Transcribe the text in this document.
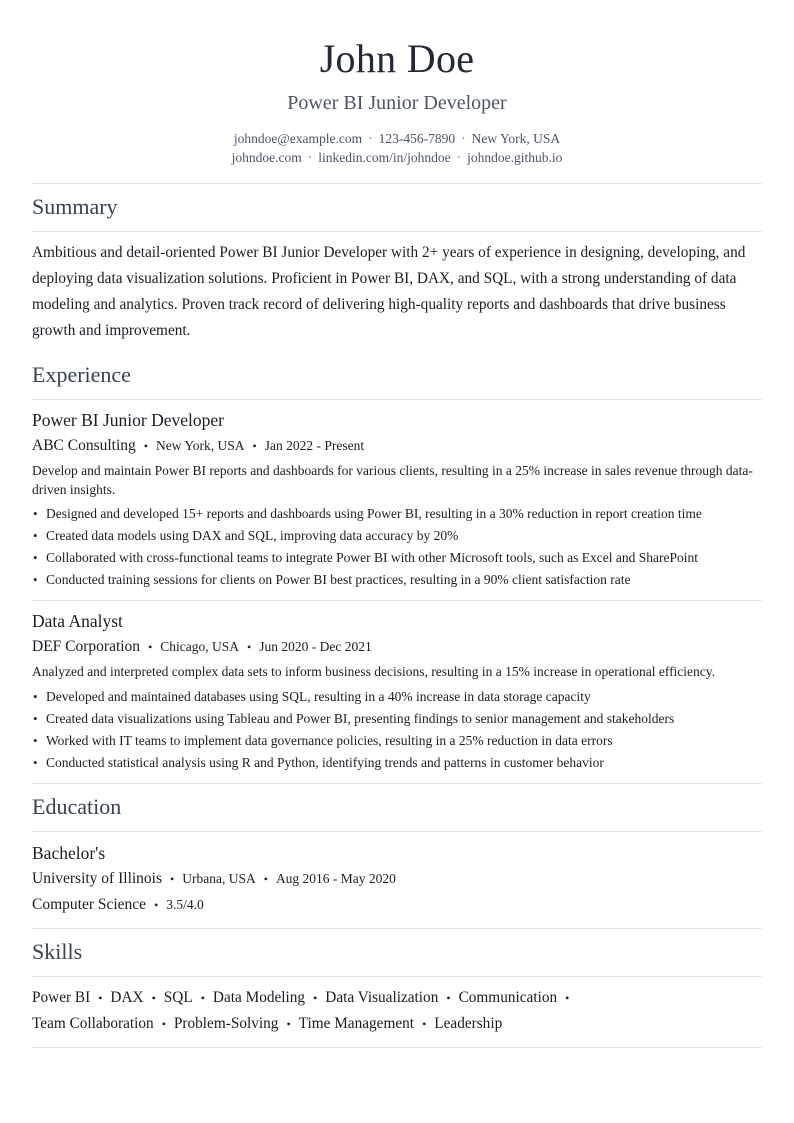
John Doe
Power BI Junior Developer
johndoe@example.com · 123-456-7890 · New York, USA
johndoe.com · linkedin.com/in/johndoe · johndoe.github.io
Summary
Ambitious and detail-oriented Power BI Junior Developer with 2+ years of experience in designing, developing, and deploying data visualization solutions. Proficient in Power BI, DAX, and SQL, with a strong understanding of data modeling and analytics. Proven track record of delivering high-quality reports and dashboards that drive business growth and improvement.
Experience
Power BI Junior Developer
ABC Consulting • New York, USA • Jan 2022 - Present
Develop and maintain Power BI reports and dashboards for various clients, resulting in a 25% increase in sales revenue through data-driven insights.
• Designed and developed 15+ reports and dashboards using Power BI, resulting in a 30% reduction in report creation time
• Created data models using DAX and SQL, improving data accuracy by 20%
• Collaborated with cross-functional teams to integrate Power BI with other Microsoft tools, such as Excel and SharePoint
• Conducted training sessions for clients on Power BI best practices, resulting in a 90% client satisfaction rate
Data Analyst
DEF Corporation • Chicago, USA • Jun 2020 - Dec 2021
Analyzed and interpreted complex data sets to inform business decisions, resulting in a 15% increase in operational efficiency.
• Developed and maintained databases using SQL, resulting in a 40% increase in data storage capacity
• Created data visualizations using Tableau and Power BI, presenting findings to senior management and stakeholders
• Worked with IT teams to implement data governance policies, resulting in a 25% reduction in data errors
• Conducted statistical analysis using R and Python, identifying trends and patterns in customer behavior
Education
Bachelor's
University of Illinois • Urbana, USA • Aug 2016 - May 2020
Computer Science • 3.5/4.0
Skills
Power BI • DAX • SQL • Data Modeling • Data Visualization • Communication •
Team Collaboration • Problem-Solving • Time Management • Leadership
